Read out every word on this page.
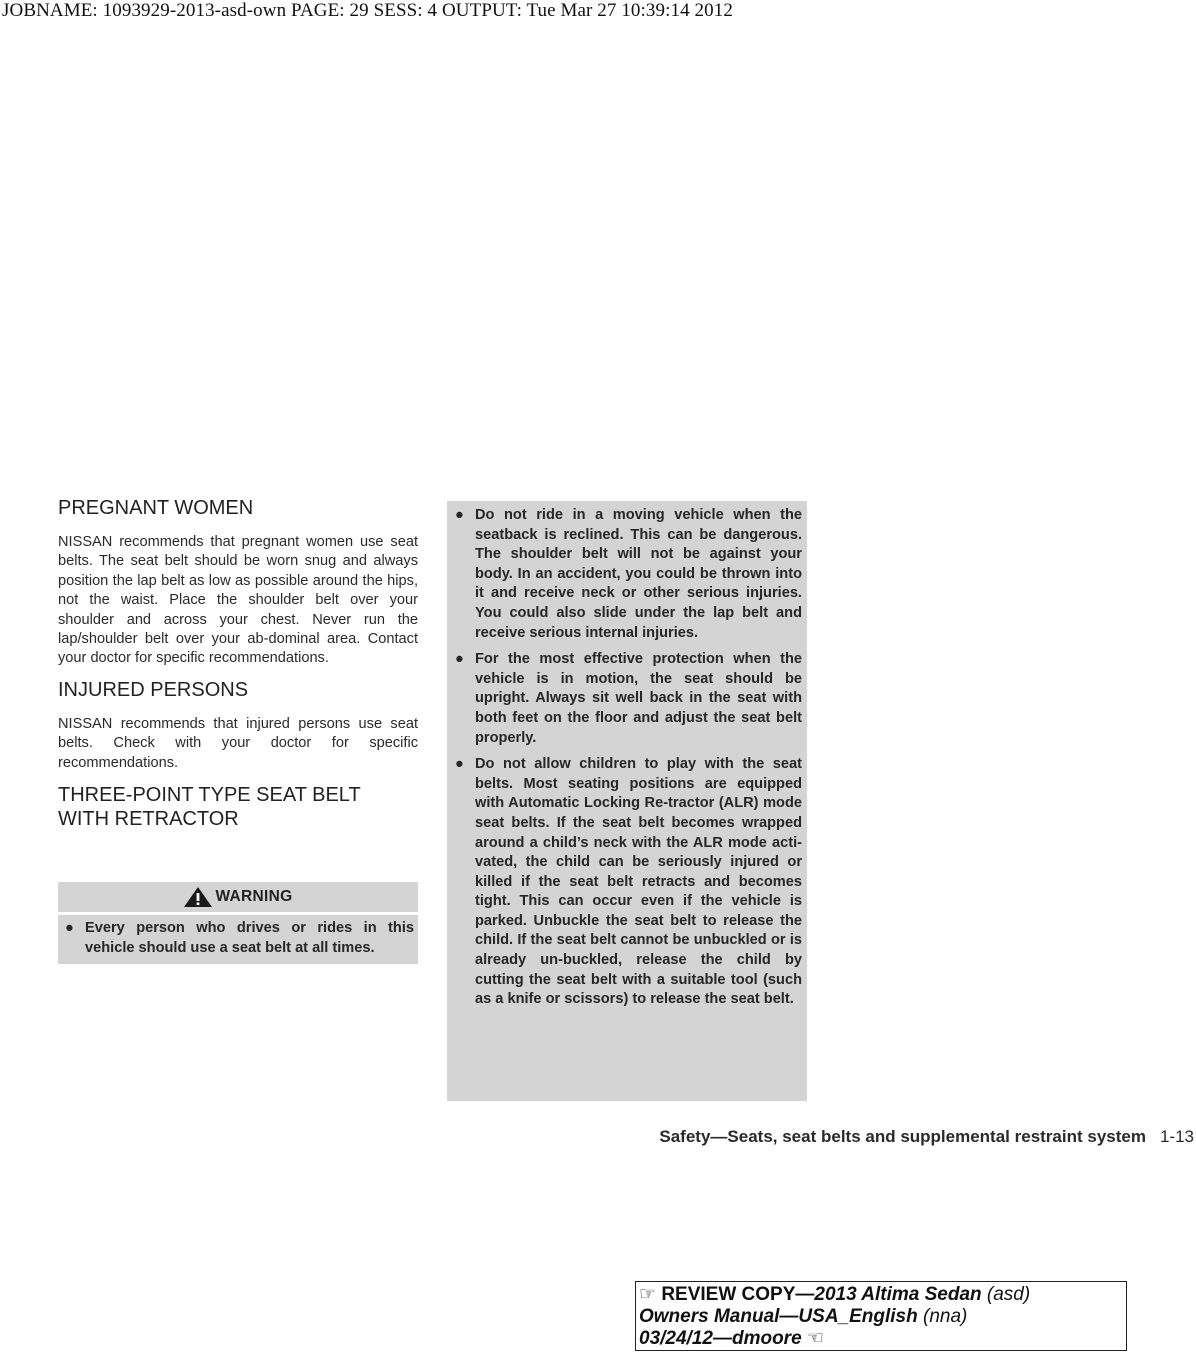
JOBNAME: 1093929-2013-asd-own PAGE: 29 SESS: 4 OUTPUT: Tue Mar 27 10:39:14 2012
PREGNANT WOMEN

NISSAN recommends that pregnant women use seat belts. The seat belt should be worn snug and always position the lap belt as low as possible around the hips, not the waist. Place the shoulder belt over your shoulder and across your chest. Never run the lap/shoulder belt over your ab-dominal area. Contact your doctor for specific recommendations.

INJURED PERSONS

NISSAN recommends that injured persons use seat belts. Check with your doctor for specific recommendations.

THREE-POINT TYPE SEAT BELT
WITH RETRACTOR
WARNING
● Every person who drives or rides in this vehicle should use a seat belt at all times.
● Do not ride in a moving vehicle when the seatback is reclined. This can be dangerous. The shoulder belt will not be against your body. In an accident, you could be thrown into it and receive neck or other serious injuries. You could also slide under the lap belt and receive serious internal injuries.
● For the most effective protection when the vehicle is in motion, the seat should be upright. Always sit well back in the seat with both feet on the floor and adjust the seat belt properly.
● Do not allow children to play with the seat belts. Most seating positions are equipped with Automatic Locking Re-tractor (ALR) mode seat belts. If the seat belt becomes wrapped around a child’s neck with the ALR mode acti-vated, the child can be seriously injured or killed if the seat belt retracts and becomes tight. This can occur even if the vehicle is parked. Unbuckle the seat belt to release the child. If the seat belt cannot be unbuckled or is already un-buckled, release the child by cutting the seat belt with a suitable tool (such as a knife or scissors) to release the seat belt.
Safety—Seats, seat belts and supplemental restraint system 1-13
☞ REVIEW COPY—2013 Altima Sedan (asd)
Owners Manual—USA_English (nna)
03/24/12—dmoore ☜
